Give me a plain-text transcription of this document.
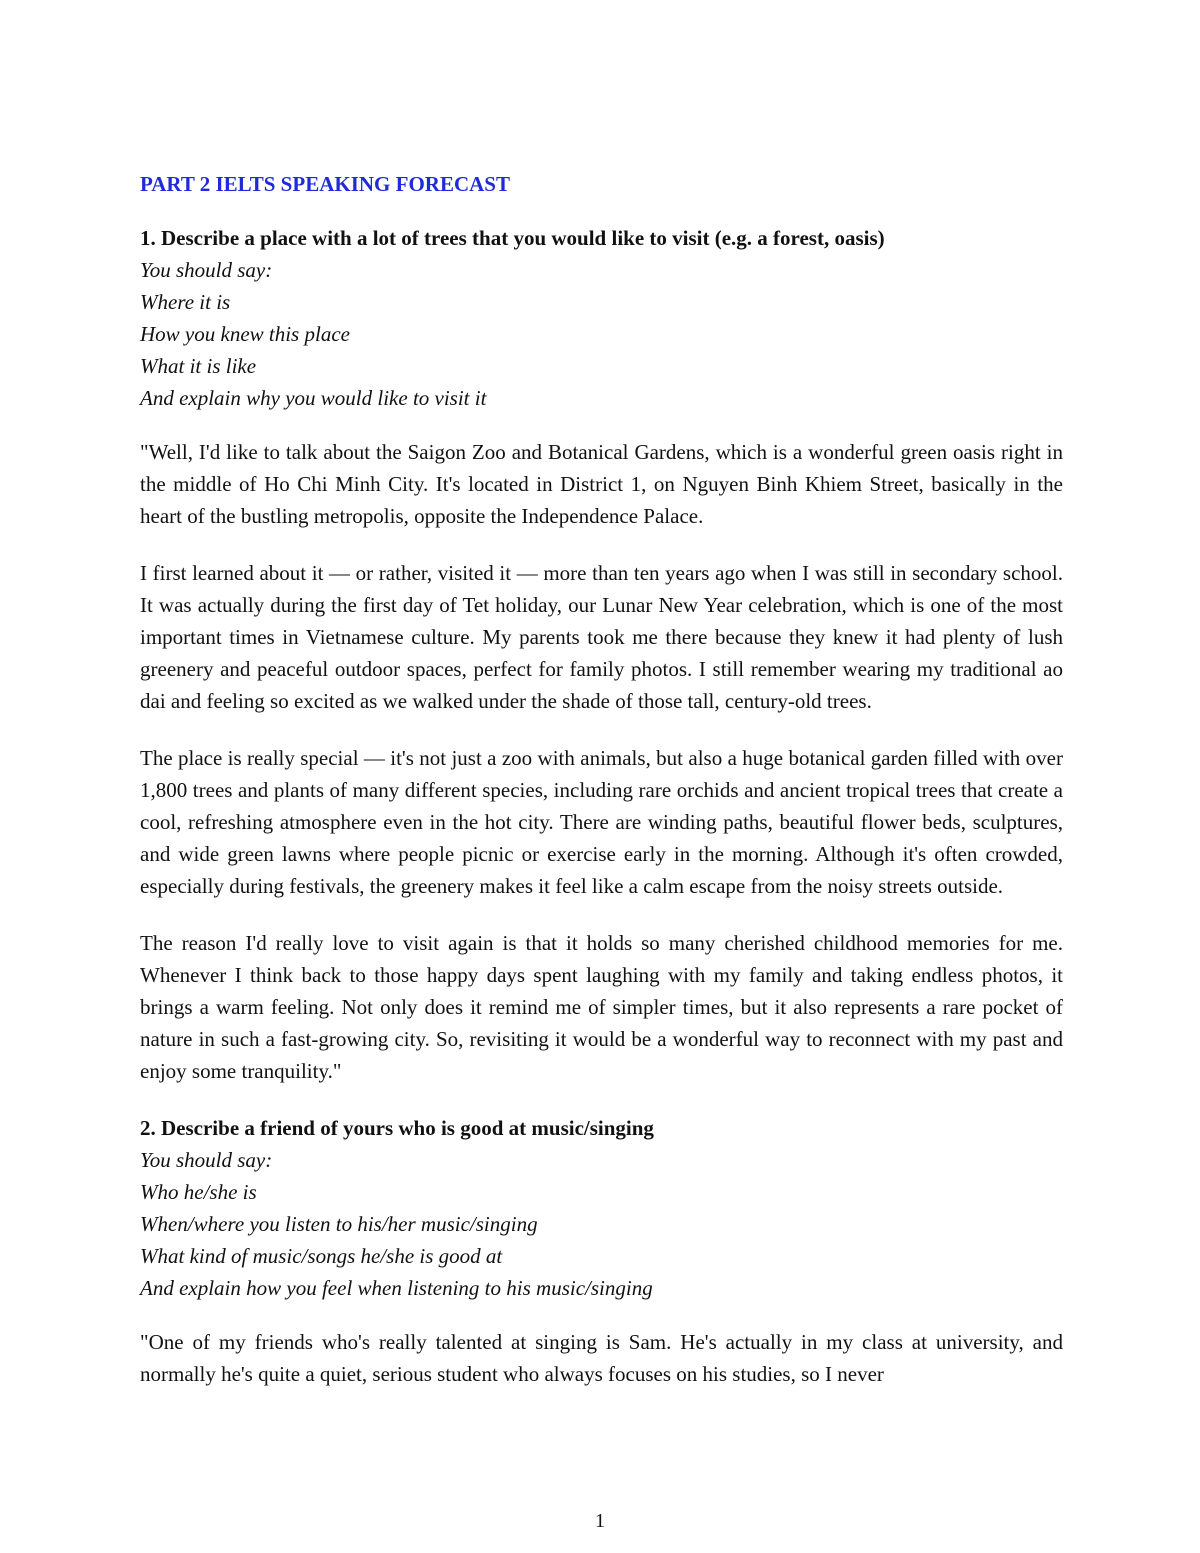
PART 2 IELTS SPEAKING FORECAST

1. Describe a place with a lot of trees that you would like to visit (e.g. a forest, oasis)

You should say:

Where it is

How you knew this place

What it is like

And explain why you would like to visit it

"Well, I'd like to talk about the Saigon Zoo and Botanical Gardens, which is a wonderful green oasis right in the middle of Ho Chi Minh City. It's located in District 1, on Nguyen Binh Khiem Street, basically in the heart of the bustling metropolis, opposite the Independence Palace.

I first learned about it — or rather, visited it — more than ten years ago when I was still in secondary school. It was actually during the first day of Tet holiday, our Lunar New Year celebration, which is one of the most important times in Vietnamese culture. My parents took me there because they knew it had plenty of lush greenery and peaceful outdoor spaces, perfect for family photos. I still remember wearing my traditional ao dai and feeling so excited as we walked under the shade of those tall, century-old trees.

The place is really special — it's not just a zoo with animals, but also a huge botanical garden filled with over 1,800 trees and plants of many different species, including rare orchids and ancient tropical trees that create a cool, refreshing atmosphere even in the hot city. There are winding paths, beautiful flower beds, sculptures, and wide green lawns where people picnic or exercise early in the morning. Although it's often crowded, especially during festivals, the greenery makes it feel like a calm escape from the noisy streets outside.

The reason I'd really love to visit again is that it holds so many cherished childhood memories for me. Whenever I think back to those happy days spent laughing with my family and taking endless photos, it brings a warm feeling. Not only does it remind me of simpler times, but it also represents a rare pocket of nature in such a fast-growing city. So, revisiting it would be a wonderful way to reconnect with my past and enjoy some tranquility."

2. Describe a friend of yours who is good at music/singing

You should say:

Who he/she is

When/where you listen to his/her music/singing

What kind of music/songs he/she is good at

And explain how you feel when listening to his music/singing

"One of my friends who's really talented at singing is Sam. He's actually in my class at university, and normally he's quite a quiet, serious student who always focuses on his studies, so I never

1
